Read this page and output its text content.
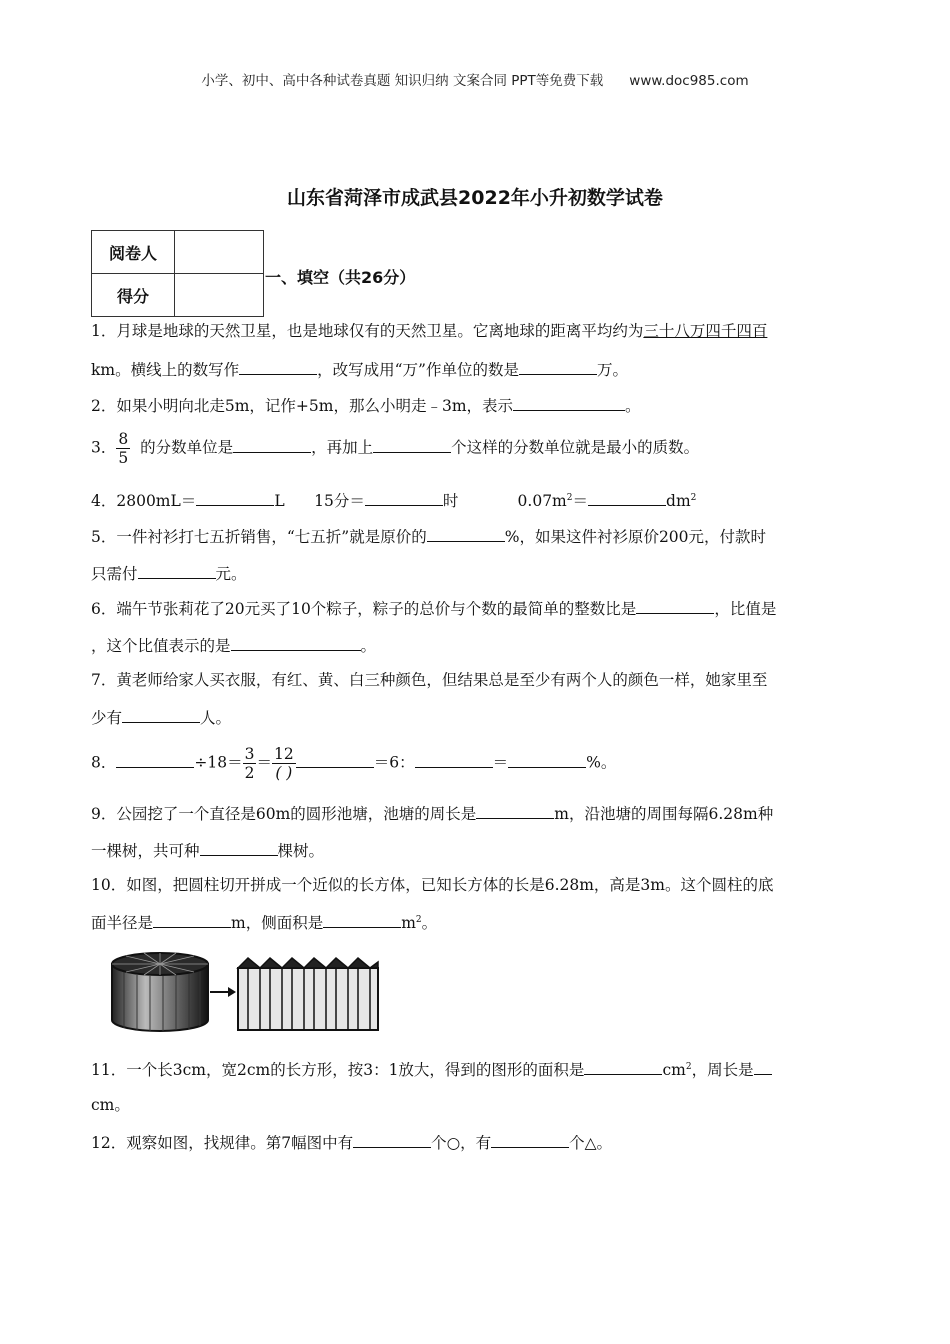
小学、初中、高中各种试卷真题 知识归纳 文案合同 PPT等免费下载 www.doc985.com
山东省菏泽市成武县2022年小升初数学试卷
阅卷人	
得分	
一、填空（共26分）
1．月球是地球的天然卫星，也是地球仅有的天然卫星。它离地球的距离平均约为三十八万四千四百
km。横线上的数写作	，改写成用“万”作单位的数是	万。
2．如果小明向北走5m，记作+5m，那么小明走﹣3m，表示	。
3． $\frac{8}{5}$ 的分数单位是	，再加上	个这样的分数单位就是最小的质数。
4．2800mL＝	L 15分＝	时	$0.07m^2=$	$dm^2$
5．一件衬衫打七五折销售，“七五折”就是原价的	%，如果这件衬衫原价200元，付款时
只需付	元。
6．端午节张莉花了20元买了10个粽子，粽子的总价与个数的最简单的整数比是	，比值是
，这个比值表示的是	。
7．黄老师给家人买衣服，有红、黄、白三种颜色，但结果总是至少有两个人的颜色一样，她家里至
少有	人。
8．	$\div 18= \frac{3}{2} = \frac{12}{( )}$	＝6：	＝	%。
9．公园挖了一个直径是60m的圆形池塘，池塘的周长是	m，沿池塘的周围每隔6.28m种
一棵树，共可种	棵树。
10．如图，把圆柱切开拼成一个近似的长方体，已知长方体的长是6.28m，高是3m。这个圆柱的底
面半径是	m，侧面积是	$m^2$。
11．一个长3cm，宽2cm的长方形，按3：1放大，得到的图形的面积是	$cm^2$，周长是
cm。
12．观察如图，找规律。第7幅图中有	个○，有	个△。
